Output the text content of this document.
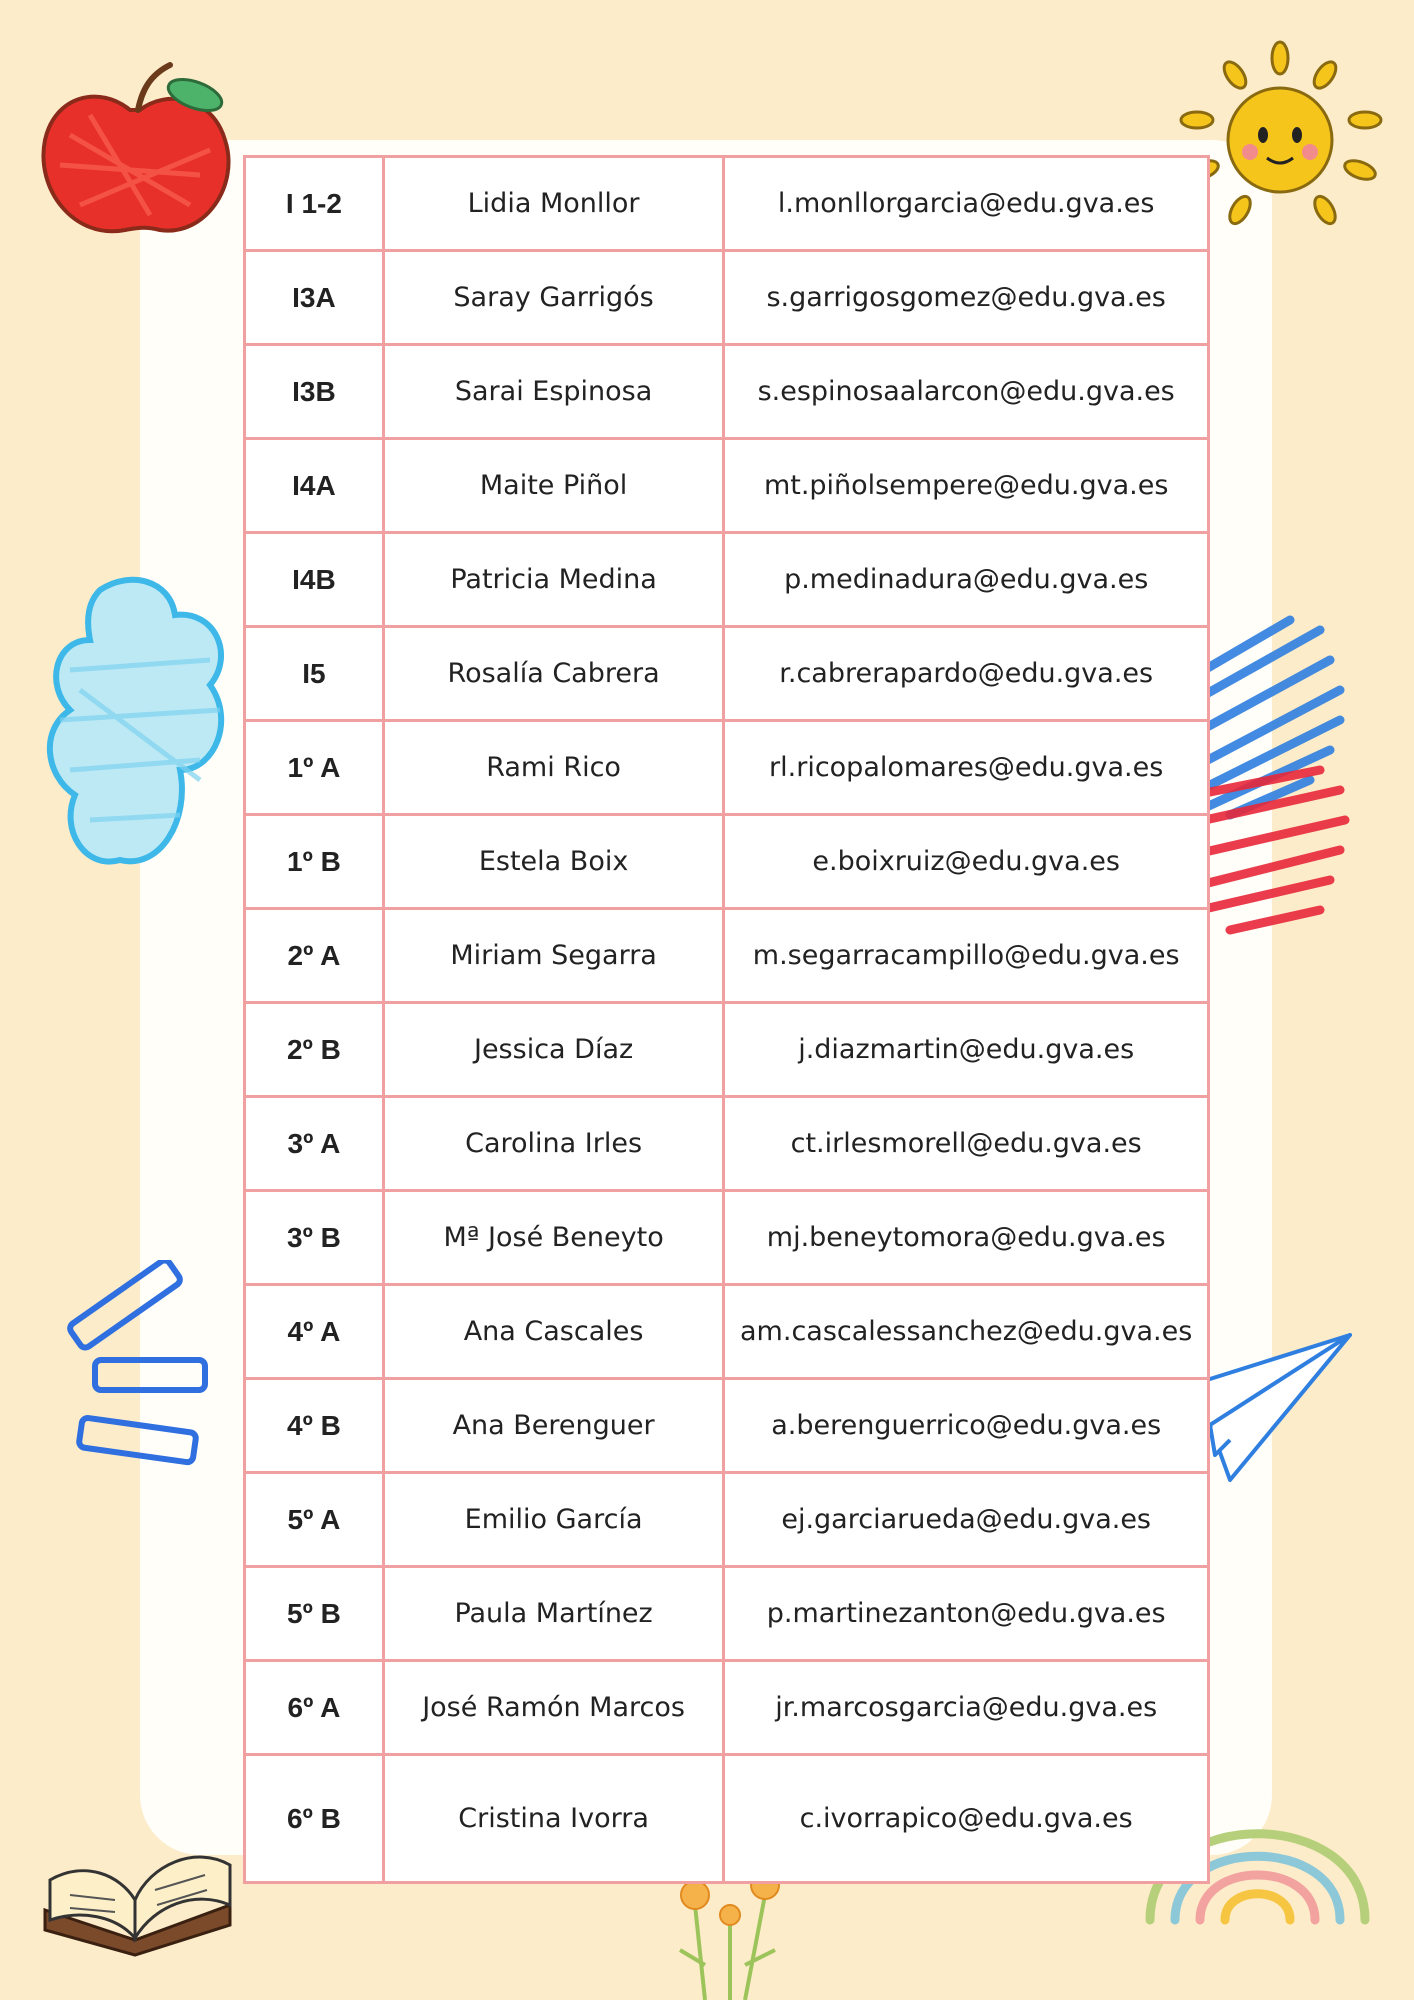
I 1-2	Lidia Monllor	l.monllorgarcia@edu.gva.es
I3A	Saray Garrigós	s.garrigosgomez@edu.gva.es
I3B	Sarai Espinosa	s.espinosaalarcon@edu.gva.es
I4A	Maite Piñol	mt.piñolsempere@edu.gva.es
I4B	Patricia Medina	p.medinadura@edu.gva.es
I5	Rosalía Cabrera	r.cabrerapardo@edu.gva.es
1º A	Rami Rico	rl.ricopalomares@edu.gva.es
1º B	Estela Boix	e.boixruiz@edu.gva.es
2º A	Miriam Segarra	m.segarracampillo@edu.gva.es
2º B	Jessica Díaz	j.diazmartin@edu.gva.es
3º A	Carolina Irles	ct.irlesmorell@edu.gva.es
3º B	Mª José Beneyto	mj.beneytomora@edu.gva.es
4º A	Ana Cascales	am.cascalessanchez@edu.gva.es
4º B	Ana Berenguer	a.berenguerrico@edu.gva.es
5º A	Emilio García	ej.garciarueda@edu.gva.es
5º B	Paula Martínez	p.martinezanton@edu.gva.es
6º A	José Ramón Marcos	jr.marcosgarcia@edu.gva.es
6º B	Cristina Ivorra	c.ivorrapico@edu.gva.es
